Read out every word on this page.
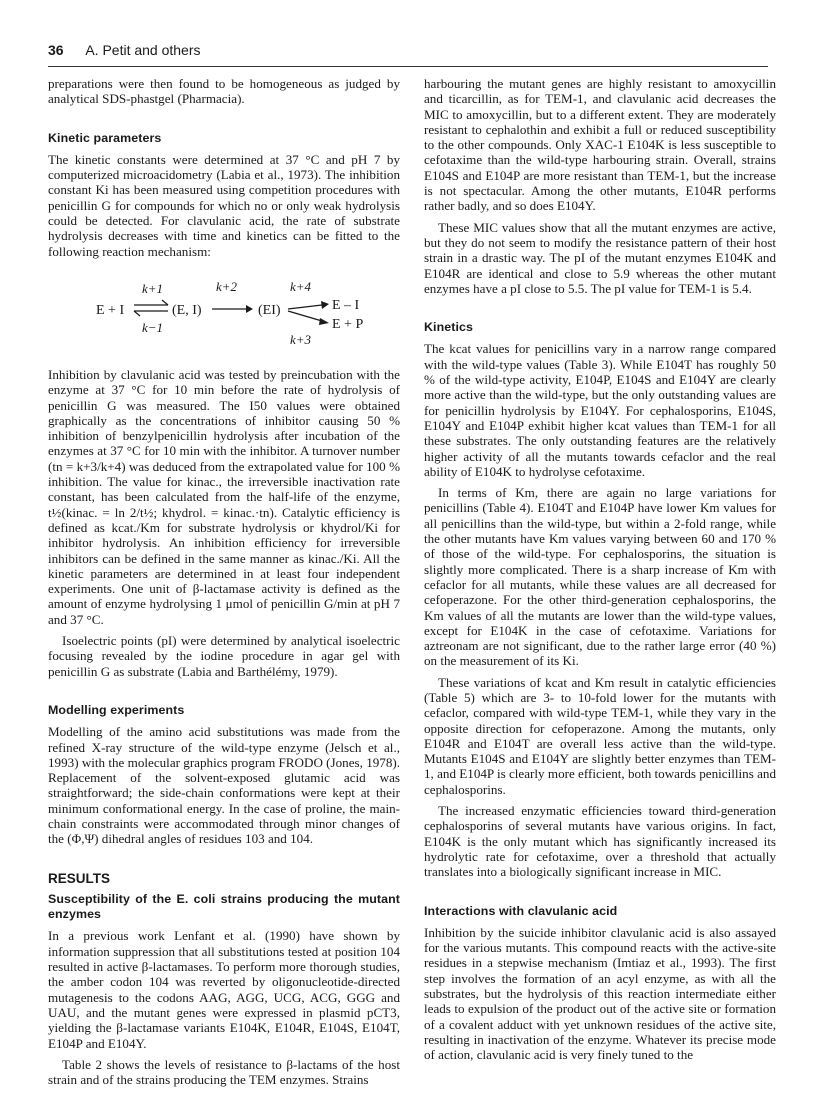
36 A. Petit and others

preparations were then found to be homogeneous as judged by analytical SDS-phastgel (Pharmacia).

Kinetic parameters

The kinetic constants were determined at 37 °C and pH 7 by computerized microacidometry (Labia et al., 1973). The inhibition constant Ki has been measured using competition procedures with penicillin G for compounds for which no or only weak hydrolysis could be detected. For clavulanic acid, the rate of substrate hydrolysis decreases with time and kinetics can be fitted to the following reaction mechanism:

E + I
k+1
k−1
(E, I)
k+2
(EI)
k+4
k+3
E – I
E + P

Inhibition by clavulanic acid was tested by preincubation with the enzyme at 37 °C for 10 min before the rate of hydrolysis of penicillin G was measured. The I50 values were obtained graphically as the concentrations of inhibitor causing 50 % inhibition of benzylpenicillin hydrolysis after incubation of the enzymes at 37 °C for 10 min with the inhibitor. A turnover number (tn = k+3/k+4) was deduced from the extrapolated value for 100 % inhibition. The value for kinac., the irreversible inactivation rate constant, has been calculated from the half-life of the enzyme, t½(kinac. = ln 2/t½; khydrol. = kinac.·tn). Catalytic efficiency is defined as kcat./Km for substrate hydrolysis or khydrol/Ki for inhibitor hydrolysis. An inhibition efficiency for irreversible inhibitors can be defined in the same manner as kinac./Ki. All the kinetic parameters are determined in at least four independent experiments. One unit of β-lactamase activity is defined as the amount of enzyme hydrolysing 1 μmol of penicillin G/min at pH 7 and 37 °C.

Isoelectric points (pI) were determined by analytical isoelectric focusing revealed by the iodine procedure in agar gel with penicillin G as substrate (Labia and Barthélémy, 1979).

Modelling experiments

Modelling of the amino acid substitutions was made from the refined X-ray structure of the wild-type enzyme (Jelsch et al., 1993) with the molecular graphics program FRODO (Jones, 1978). Replacement of the solvent-exposed glutamic acid was straightforward; the side-chain conformations were kept at their minimum conformational energy. In the case of proline, the main-chain constraints were accommodated through minor changes of the (Φ,Ψ) dihedral angles of residues 103 and 104.

RESULTS
Susceptibility of the E. coli strains producing the mutant enzymes

In a previous work Lenfant et al. (1990) have shown by information suppression that all substitutions tested at position 104 resulted in active β-lactamases. To perform more thorough studies, the amber codon 104 was reverted by oligonucleotide-directed mutagenesis to the codons AAG, AGG, UCG, ACG, GGG and UAU, and the mutant genes were expressed in plasmid pCT3, yielding the β-lactamase variants E104K, E104R, E104S, E104T, E104P and E104Y.

Table 2 shows the levels of resistance to β-lactams of the host strain and of the strains producing the TEM enzymes. Strains

harbouring the mutant genes are highly resistant to amoxycillin and ticarcillin, as for TEM-1, and clavulanic acid decreases the MIC to amoxycillin, but to a different extent. They are moderately resistant to cephalothin and exhibit a full or reduced susceptibility to the other compounds. Only XAC-1 E104K is less susceptible to cefotaxime than the wild-type harbouring strain. Overall, strains E104S and E104P are more resistant than TEM-1, but the increase is not spectacular. Among the other mutants, E104R performs rather badly, and so does E104Y.

These MIC values show that all the mutant enzymes are active, but they do not seem to modify the resistance pattern of their host strain in a drastic way. The pI of the mutant enzymes E104K and E104R are identical and close to 5.9 whereas the other mutant enzymes have a pI close to 5.5. The pI value for TEM-1 is 5.4.

Kinetics

The kcat values for penicillins vary in a narrow range compared with the wild-type values (Table 3). While E104T has roughly 50 % of the wild-type activity, E104P, E104S and E104Y are clearly more active than the wild-type, but the only outstanding values are for penicillin hydrolysis by E104Y. For cephalosporins, E104S, E104Y and E104P exhibit higher kcat values than TEM-1 for all these substrates. The only outstanding features are the relatively higher activity of all the mutants towards cefaclor and the real ability of E104K to hydrolyse cefotaxime.

In terms of Km, there are again no large variations for penicillins (Table 4). E104T and E104P have lower Km values for all penicillins than the wild-type, but within a 2-fold range, while the other mutants have Km values varying between 60 and 170 % of those of the wild-type. For cephalosporins, the situation is slightly more complicated. There is a sharp increase of Km with cefaclor for all mutants, while these values are all decreased for cefoperazone. For the other third-generation cephalosporins, the Km values of all the mutants are lower than the wild-type values, except for E104K in the case of cefotaxime. Variations for aztreonam are not significant, due to the rather large error (40 %) on the measurement of its Ki.

These variations of kcat and Km result in catalytic efficiencies (Table 5) which are 3- to 10-fold lower for the mutants with cefaclor, compared with wild-type TEM-1, while they vary in the opposite direction for cefoperazone. Among the mutants, only E104R and E104T are overall less active than the wild-type. Mutants E104S and E104Y are slightly better enzymes than TEM-1, and E104P is clearly more efficient, both towards penicillins and cephalosporins.

The increased enzymatic efficiencies toward third-generation cephalosporins of several mutants have various origins. In fact, E104K is the only mutant which has significantly increased its hydrolytic rate for cefotaxime, over a threshold that actually translates into a biologically significant increase in MIC.

Interactions with clavulanic acid

Inhibition by the suicide inhibitor clavulanic acid is also assayed for the various mutants. This compound reacts with the active-site residues in a stepwise mechanism (Imtiaz et al., 1993). The first step involves the formation of an acyl enzyme, as with all the substrates, but the hydrolysis of this reaction intermediate either leads to expulsion of the product out of the active site or formation of a covalent adduct with yet unknown residues of the active site, resulting in inactivation of the enzyme. Whatever its precise mode of action, clavulanic acid is very finely tuned to the
